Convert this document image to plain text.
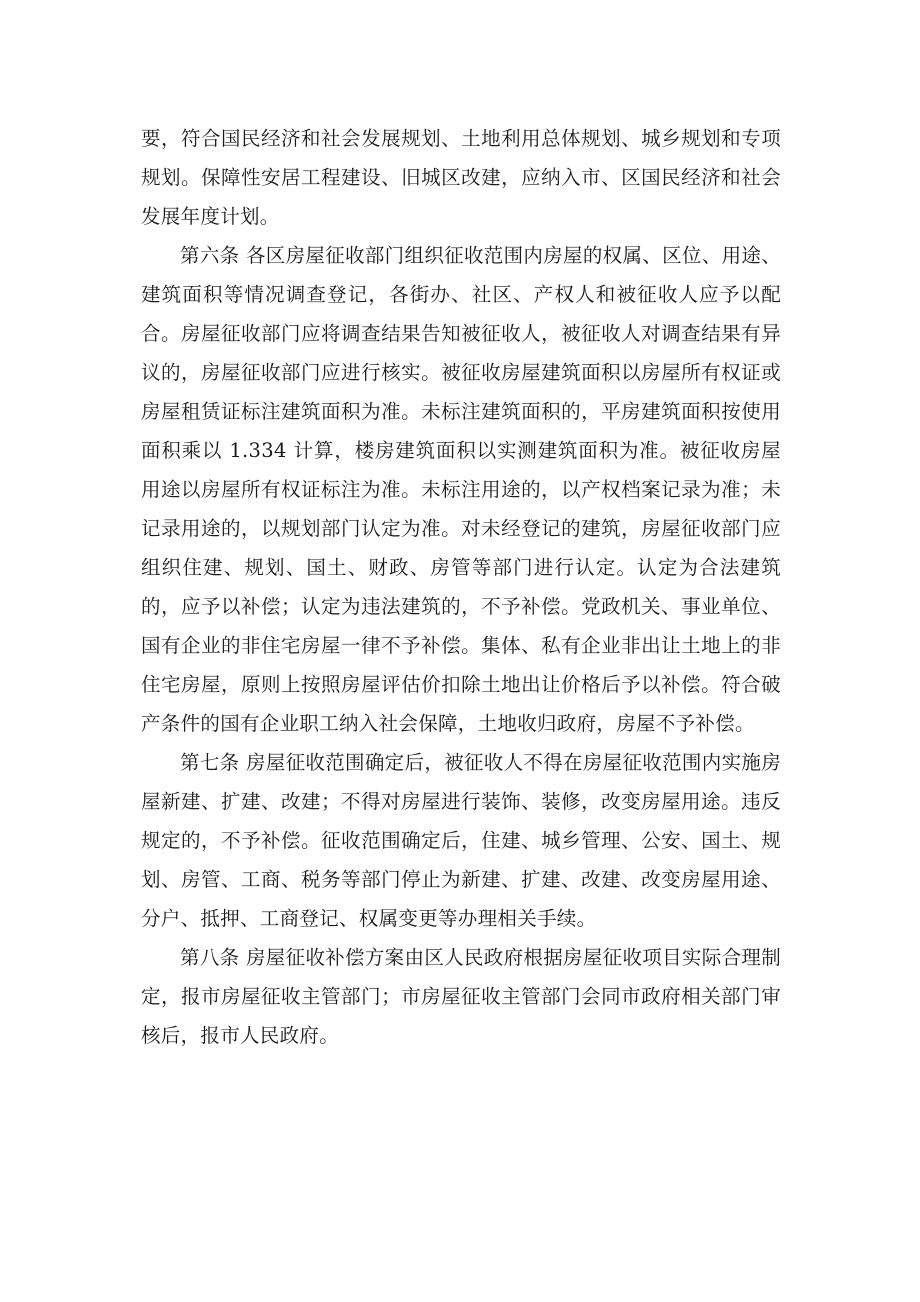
要，符合国民经济和社会发展规划、土地利用总体规划、城乡规划和专项规划。保障性安居工程建设、旧城区改建，应纳入市、区国民经济和社会发展年度计划。

第六条 各区房屋征收部门组织征收范围内房屋的权属、区位、用途、建筑面积等情况调查登记，各街办、社区、产权人和被征收人应予以配合。房屋征收部门应将调查结果告知被征收人，被征收人对调查结果有异议的，房屋征收部门应进行核实。被征收房屋建筑面积以房屋所有权证或房屋租赁证标注建筑面积为准。未标注建筑面积的，平房建筑面积按使用面积乘以 1.334 计算，楼房建筑面积以实测建筑面积为准。被征收房屋用途以房屋所有权证标注为准。未标注用途的，以产权档案记录为准；未记录用途的，以规划部门认定为准。对未经登记的建筑，房屋征收部门应组织住建、规划、国土、财政、房管等部门进行认定。认定为合法建筑的，应予以补偿；认定为违法建筑的，不予补偿。党政机关、事业单位、国有企业的非住宅房屋一律不予补偿。集体、私有企业非出让土地上的非住宅房屋，原则上按照房屋评估价扣除土地出让价格后予以补偿。符合破产条件的国有企业职工纳入社会保障，土地收归政府，房屋不予补偿。

第七条 房屋征收范围确定后，被征收人不得在房屋征收范围内实施房屋新建、扩建、改建；不得对房屋进行装饰、装修，改变房屋用途。违反规定的，不予补偿。征收范围确定后，住建、城乡管理、公安、国土、规划、房管、工商、税务等部门停止为新建、扩建、改建、改变房屋用途、分户、抵押、工商登记、权属变更等办理相关手续。

第八条 房屋征收补偿方案由区人民政府根据房屋征收项目实际合理制定，报市房屋征收主管部门；市房屋征收主管部门会同市政府相关部门审核后，报市人民政府。
